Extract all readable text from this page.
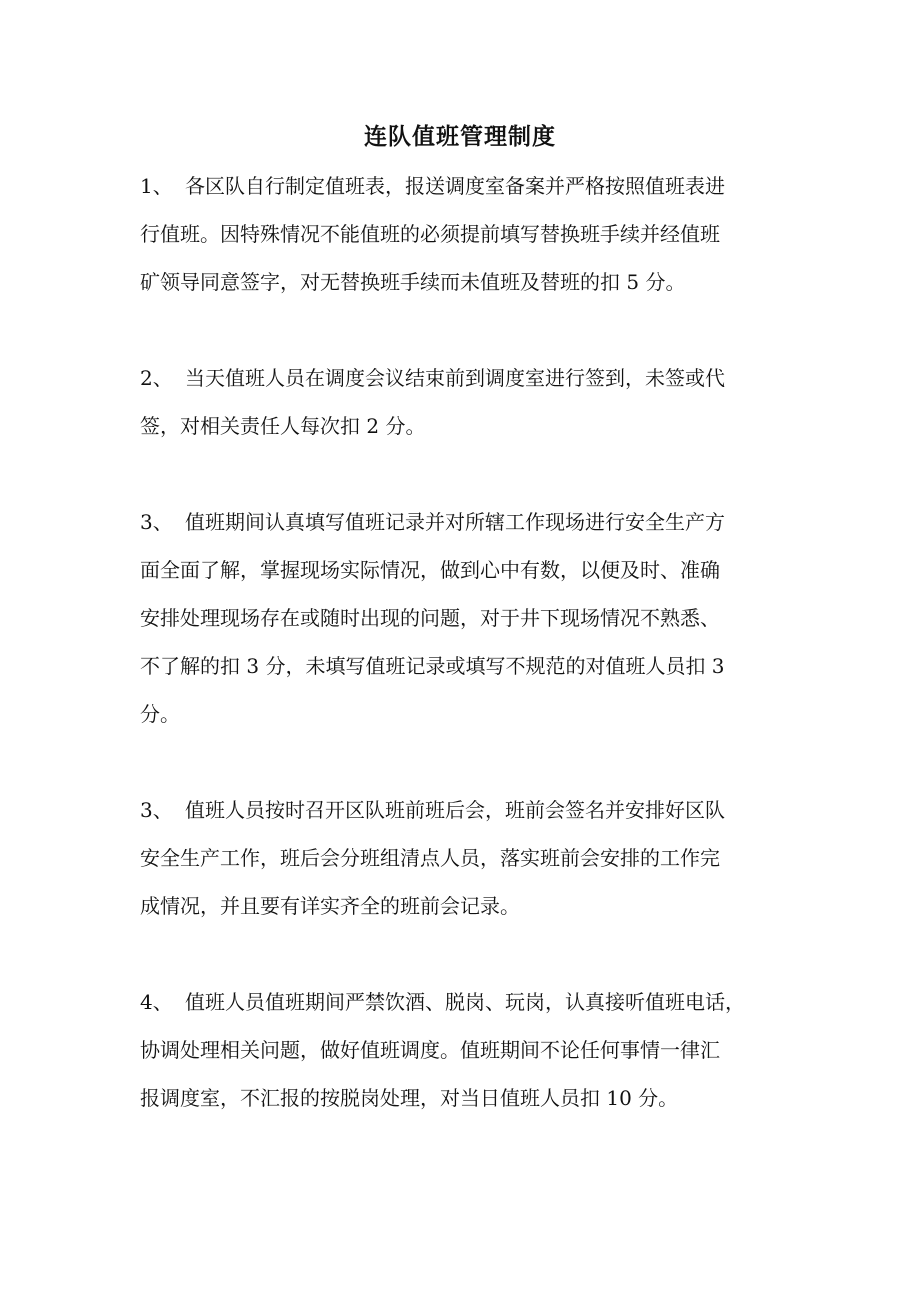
连队值班管理制度
1、 各区队自行制定值班表，报送调度室备案并严格按照值班表进
行值班。因特殊情况不能值班的必须提前填写替换班手续并经值班
矿领导同意签字，对无替换班手续而未值班及替班的扣 5 分。
2、 当天值班人员在调度会议结束前到调度室进行签到，未签或代
签，对相关责任人每次扣 2 分。
3、 值班期间认真填写值班记录并对所辖工作现场进行安全生产方
面全面了解，掌握现场实际情况，做到心中有数，以便及时、准确
安排处理现场存在或随时出现的问题，对于井下现场情况不熟悉、
不了解的扣 3 分，未填写值班记录或填写不规范的对值班人员扣 3
分。
3、 值班人员按时召开区队班前班后会，班前会签名并安排好区队
安全生产工作，班后会分班组清点人员，落实班前会安排的工作完
成情况，并且要有详实齐全的班前会记录。
4、 值班人员值班期间严禁饮酒、脱岗、玩岗，认真接听值班电话，
协调处理相关问题，做好值班调度。值班期间不论任何事情一律汇
报调度室，不汇报的按脱岗处理，对当日值班人员扣 10 分。
